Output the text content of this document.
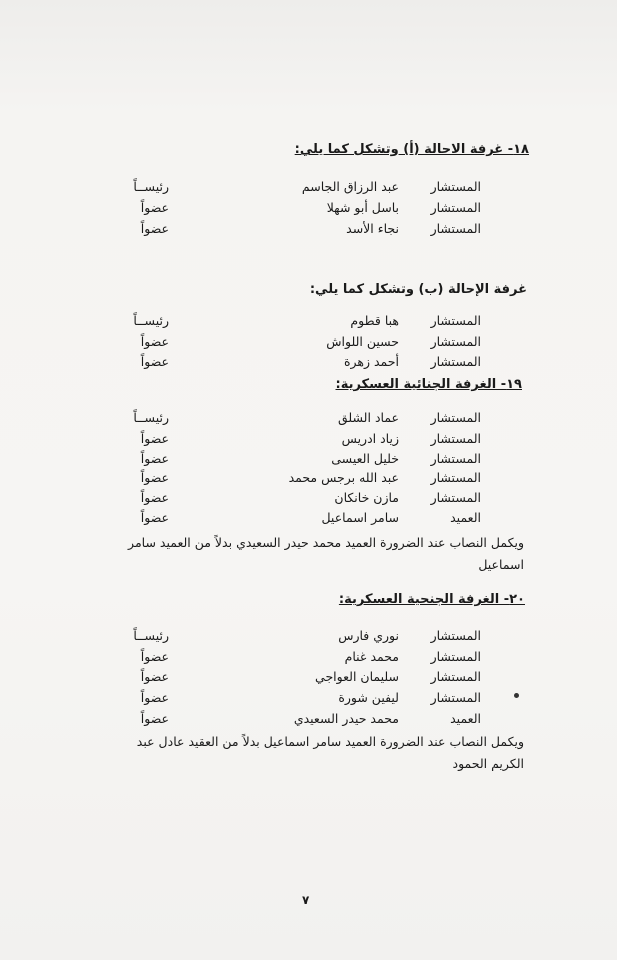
١٨- غرفة الاحالة (أ) وتشكل كما يلي:
المستشار
عبد الرزاق الجاسم
رئيســاً
المستشار
باسل أبو شهلا
عضواً
المستشار
نجاء الأسد
عضواً
غرفة الإحالة (ب) وتشكل كما يلي:
المستشار
هبا قطوم
رئيســاً
المستشار
حسين اللواش
عضواً
المستشار
أحمد زهرة
عضواً
١٩- الغرفة الجنائية العسكرية:
المستشار
عماد الشلق
رئيســاً
المستشار
زياد ادريس
عضواً
المستشار
خليل العيسى
عضواً
المستشار
عبد الله برجس محمد
عضواً
المستشار
مازن خانكان
عضواً
العميد
سامر اسماعيل
عضواً

ويكمل النصاب عند الضرورة العميد محمد حيدر السعيدي بدلاً من العميد سامر اسماعيل

٢٠- الغرفة الجنحية العسكرية:
المستشار
نوري فارس
رئيســاً
المستشار
محمد غنام
عضواً
المستشار
سليمان العواجي
عضواً
المستشار
ليفين شورة
عضواً
العميد
محمد حيدر السعيدي
عضواً

ويكمل النصاب عند الضرورة العميد سامر اسماعيل بدلاً من العقيد عادل عبد الكريم الحمود

٧
